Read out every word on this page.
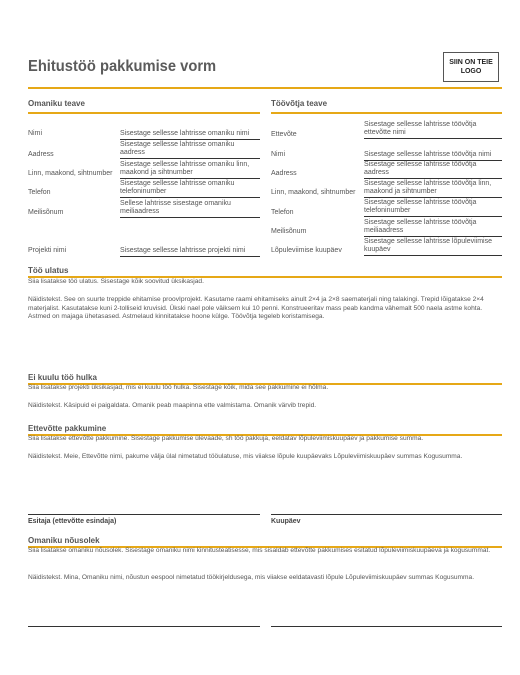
Ehitustöö pakkumise vorm	SIIN ON TEIE
LOGO
Omaniku teave
Nimi	Sisestage sellesse lahtrisse omaniku nimi
Aadress
Sisestage sellesse lahtrisse omaniku aadress
Linn, maakond, sihtnumber
Sisestage sellesse lahtrisse omaniku linn, maakond ja sihtnumber
Telefon
Sisestage sellesse lahtrisse omaniku telefoninumber
Meilisõnum
Sellese lahtrisse sisestage omaniku meiliaadress
Projekti nimi	Sisestage sellesse lahtrisse projekti nimi
Töövõtja teave
Ettevõte
Sisestage sellesse lahtrisse töövõtja ettevõtte nimi
Nimi	Sisestage sellesse lahtrisse töövõtja nimi
Aadress
Sisestage sellesse lahtrisse töövõtja aadress
Linn, maakond, sihtnumber
Sisestage sellesse lahtrisse töövõtja linn, maakond ja sihtnumber
Telefon
Sisestage sellesse lahtrisse töövõtja telefoninumber
Meilisõnum
Sisestage sellesse lahtrisse töövõtja meiliaadress
Lõpuleviimise kuupäev
Sisestage sellesse lahtrisse lõpuleviimise kuupäev
Töö ulatus
Siia lisatakse töö ulatus. Sisestage kõik soovitud üksikasjad.
Näidistekst. See on suurte treppide ehitamise proovIprojekt. Kasutame raami ehitamiseks ainult 2×4 ja 2×8 saematerjali ning talakingi. Trepid lõigatakse 2×4 materjalist. Kasutatakse kuni 2-tolliseid kruvisid. Ükski nael pole väiksem kui 10 penni. Konstrueeritav mass peab kandma vähemalt 500 naela astme kohta. Astmed on majaga ühetasased. Astmelaud kinnitatakse hoone külge. Töövõtja tegeleb koristamisega.
Ei kuulu töö hulka
Siia lisatakse projekti üksikasjad, mis ei kuulu töö hulka. Sisestage kõik, mida see pakkumine ei hõlma.
Näidistekst. Käsipuid ei paigaldata. Omanik peab maapinna ette valmistama. Omanik värvib trepid.
Ettevõtte pakkumine
Siia lisatakse ettevõtte pakkumine. Sisestage pakkumise ülevaade, sh töö pakkuja, eeldatav lõpuleviimiskuupäev ja pakkumise summa.
Näidistekst. Meie, Ettevõtte nimi, pakume välja ülal nimetatud tööulatuse, mis viiakse lõpule kuupäevaks Lõpuleviimiskuupäev summas Kogusumma.
Esitaja (ettevõtte esindaja)	Kuupäev
Omaniku nõusolek
Siia lisatakse omaniku nõusolek. Sisestage omaniku nimi kinnitusteatisesse, mis sisaldab ettevõtte pakkumises esitatud lõpuleviimiskuupäeva ja kogusummat.
Näidistekst. Mina, Omaniku nimi, nõustun eespool nimetatud töökirjeldusega, mis viiakse eeldatavasti lõpule Lõpuleviimiskuupäev summas Kogusumma.
